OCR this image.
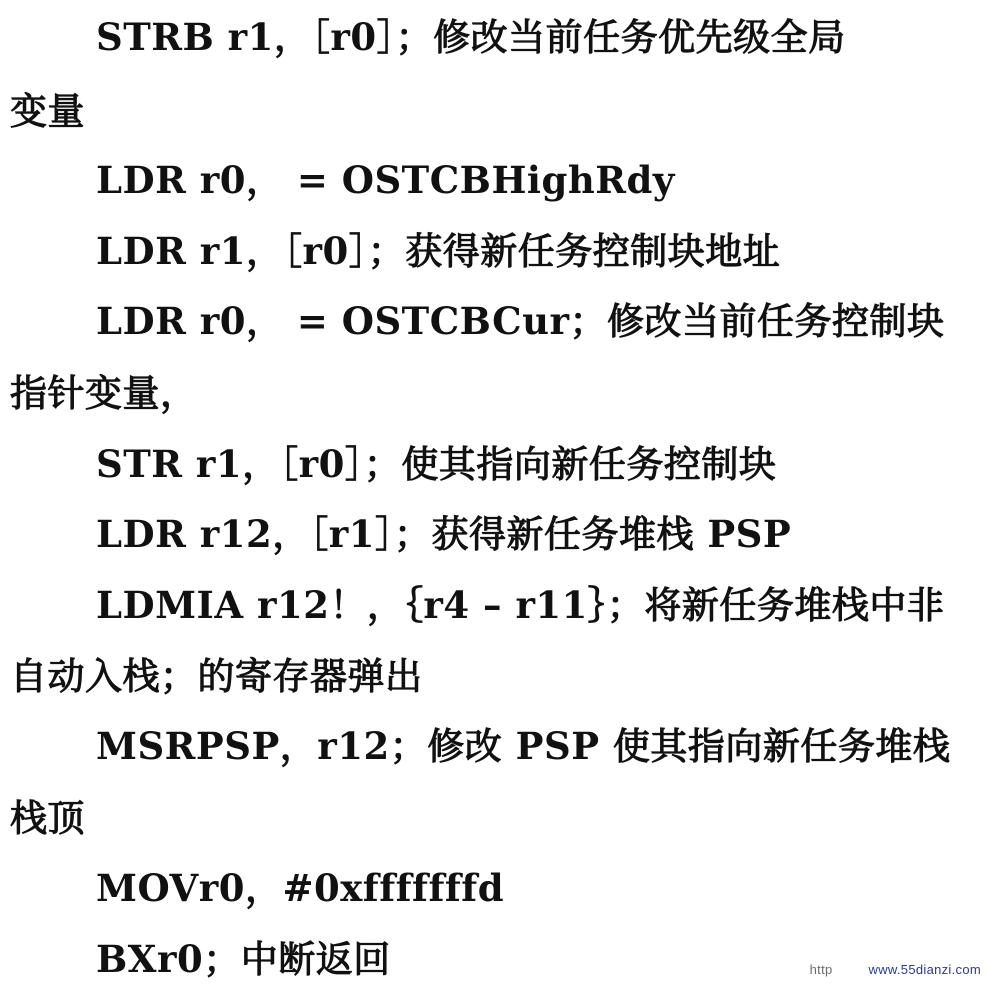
STRB r1，［r0］；修改当前任务优先级全局
变量
LDR r0， = OSTCBHighRdy
LDR r1，［r0］；获得新任务控制块地址
LDR r0， = OSTCBCur；修改当前任务控制块
指针变量，
STR r1，［r0］；使其指向新任务控制块
LDR r12，［r1］；获得新任务堆栈 PSP
LDMIA r12！，｛r4 – r11｝；将新任务堆栈中非
自动入栈；的寄存器弹出
MSRPSP，r12；修改 PSP 使其指向新任务堆栈
栈顶
MOVr0，#0xfffffffd
BXr0；中断返回	http	www.55dianzi.com
